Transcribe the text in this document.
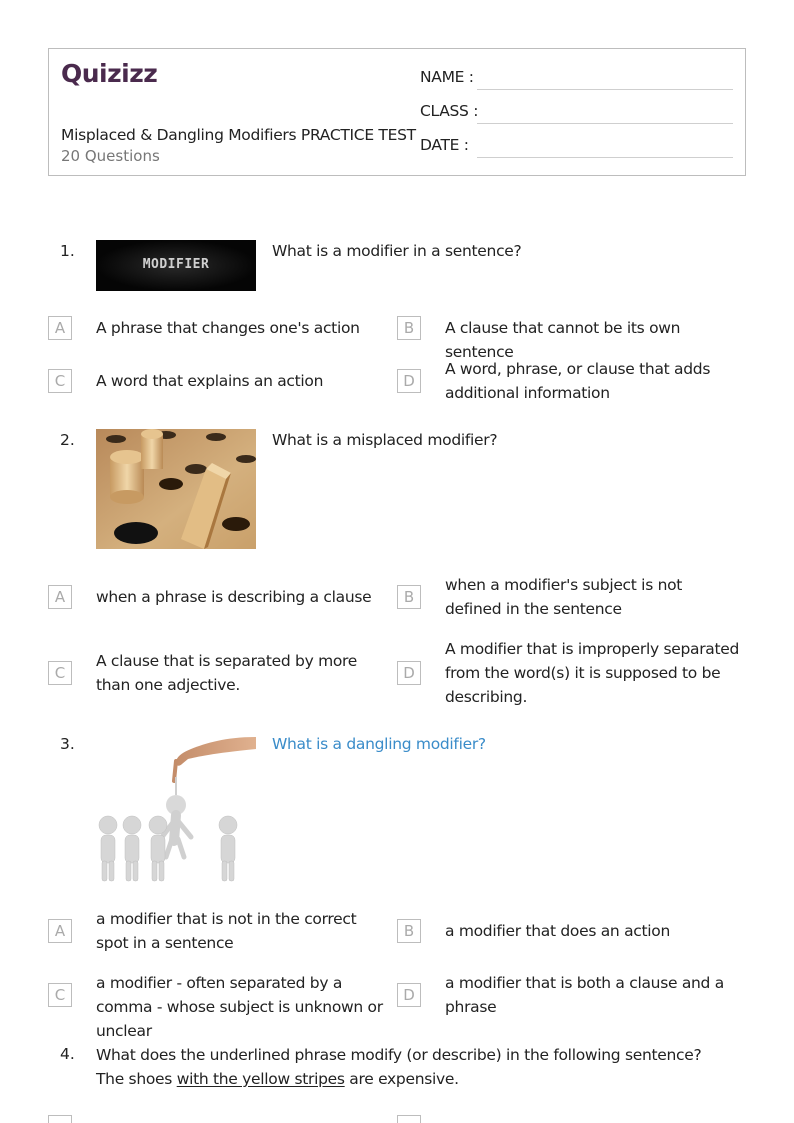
Quizizz
Misplaced & Dangling Modifiers PRACTICE TEST
20 Questions
NAME :
CLASS :
DATE :
1.
MODIFIER
What is a modifier in a sentence?
A	A phrase that changes one's action	B	A clause that cannot be its own sentence
C	A word that explains an action	D
A word, phrase, or clause that adds additional information
2.	What is a misplaced modifier?
A	when a phrase is describing a clause	B
when a modifier's subject is not defined in the sentence
C
A clause that is separated by more than one adjective.
D
A modifier that is improperly separated from the word(s) it is supposed to be describing.
3.	What is a dangling modifier?
A
a modifier that is not in the correct spot in a sentence
B	a modifier that does an action
C
a modifier - often separated by a comma - whose subject is unknown or unclear
D
a modifier that is both a clause and a phrase
4. What does the underlined phrase modify (or describe) in the following sentence?
The shoes with the yellow stripes are expensive.
